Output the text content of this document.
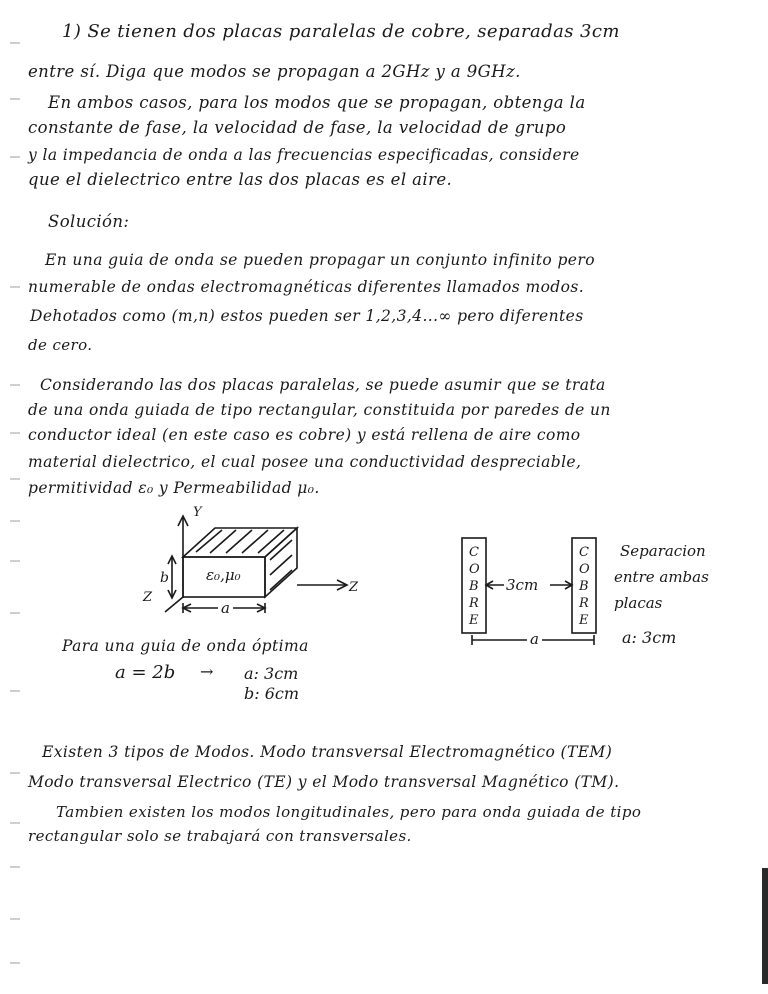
1) Se tienen dos placas paralelas de cobre, separadas 3cm
entre sí. Diga que modos se propagan a 2GHz y a 9GHz.
En ambos casos, para los modos que se propagan, obtenga la
constante de fase, la velocidad de fase, la velocidad de grupo
y la impedancia de onda a las frecuencias especificadas, considere
que el dielectrico entre las dos placas es el aire.
Solución:
En una guia de onda se pueden propagar un conjunto infinito pero
numerable de ondas electromagnéticas diferentes llamados modos.
Dehotados como (m,n) estos pueden ser 1,2,3,4...∞ pero diferentes
de cero.
Considerando las dos placas paralelas, se puede asumir que se trata
de una onda guiada de tipo rectangular, constituida por paredes de un
conductor ideal (en este caso es cobre) y está rellena de aire como
material dielectrico, el cual posee una conductividad despreciable,
permitividad ε₀ y Permeabilidad μ₀.
Y
Z
Z
ε₀,μ₀
b
a
C
O
B
R
E
C
O
B
R
E
3cm
a
Separacion
entre ambas
placas
a: 3cm
Para una guia de onda óptima
a = 2b → a: 3cm
b: 6cm
Existen 3 tipos de Modos. Modo transversal Electromagnético (TEM)
Modo transversal Electrico (TE) y el Modo transversal Magnético (TM).
Tambien existen los modos longitudinales, pero para onda guiada de tipo
rectangular solo se trabajará con transversales.
